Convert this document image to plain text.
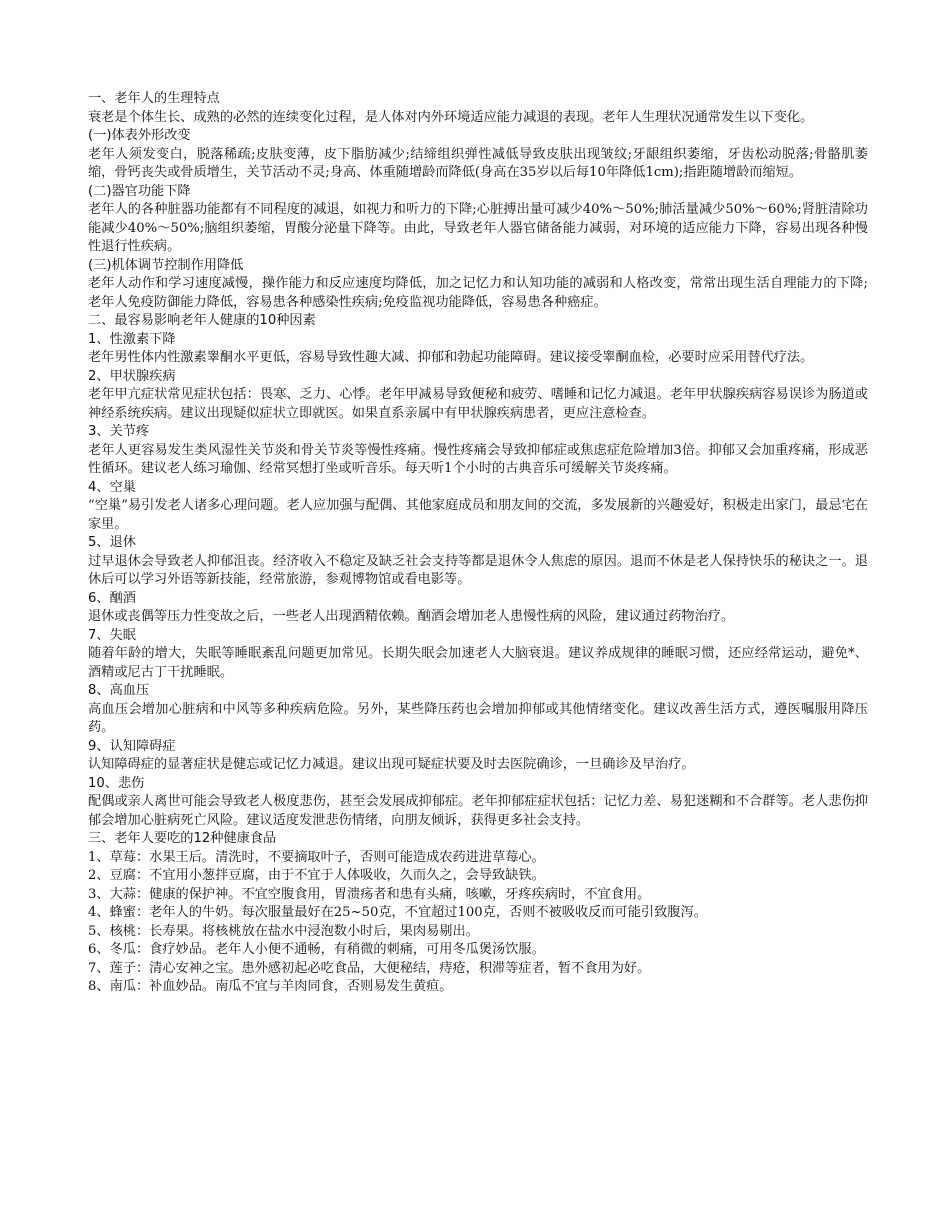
一、老年人的生理特点

衰老是个体生长、成熟的必然的连续变化过程，是人体对内外环境适应能力减退的表现。老年人生理状况通常发生以下变化。

(一)体表外形改变

老年人须发变白，脱落稀疏;皮肤变薄，皮下脂肪减少;结缔组织弹性减低导致皮肤出现皱纹;牙龈组织萎缩，牙齿松动脱落;骨骼肌萎缩，骨钙丧失或骨质增生，关节活动不灵;身高、体重随增龄而降低(身高在35岁以后每10年降低1cm);指距随增龄而缩短。

(二)器官功能下降

老年人的各种脏器功能都有不同程度的减退，如视力和听力的下降;心脏搏出量可减少40%～50%;肺活量减少50%～60%;肾脏清除功能减少40%～50%;脑组织萎缩，胃酸分泌量下降等。由此，导致老年人器官储备能力减弱，对环境的适应能力下降，容易出现各种慢性退行性疾病。

(三)机体调节控制作用降低

老年人动作和学习速度减慢，操作能力和反应速度均降低，加之记忆力和认知功能的减弱和人格改变，常常出现生活自理能力的下降;老年人免疫防御能力降低，容易患各种感染性疾病;免疫监视功能降低，容易患各种癌症。

二、最容易影响老年人健康的10种因素

1、性激素下降

老年男性体内性激素睾酮水平更低，容易导致性趣大减、抑郁和勃起功能障碍。建议接受睾酮血检，必要时应采用替代疗法。

2、甲状腺疾病

老年甲亢症状常见症状包括：畏寒、乏力、心悸。老年甲减易导致便秘和疲劳、嗜睡和记忆力减退。老年甲状腺疾病容易误诊为肠道或神经系统疾病。建议出现疑似症状立即就医。如果直系亲属中有甲状腺疾病患者，更应注意检查。

3、关节疼

老年人更容易发生类风湿性关节炎和骨关节炎等慢性疼痛。慢性疼痛会导致抑郁症或焦虑症危险增加3倍。抑郁又会加重疼痛，形成恶性循环。建议老人练习瑜伽、经常冥想打坐或听音乐。每天听1个小时的古典音乐可缓解关节炎疼痛。

4、空巢

“空巢”易引发老人诸多心理问题。老人应加强与配偶、其他家庭成员和朋友间的交流，多发展新的兴趣爱好，积极走出家门，最忌宅在家里。

5、退休

过早退休会导致老人抑郁沮丧。经济收入不稳定及缺乏社会支持等都是退休令人焦虑的原因。退而不休是老人保持快乐的秘诀之一。退休后可以学习外语等新技能，经常旅游，参观博物馆或看电影等。

6、酗酒

退休或丧偶等压力性变故之后，一些老人出现酒精依赖。酗酒会增加老人患慢性病的风险，建议通过药物治疗。

7、失眠

随着年龄的增大，失眠等睡眠紊乱问题更加常见。长期失眠会加速老人大脑衰退。建议养成规律的睡眠习惯，还应经常运动，避免*、酒精或尼古丁干扰睡眠。

8、高血压

高血压会增加心脏病和中风等多种疾病危险。另外，某些降压药也会增加抑郁或其他情绪变化。建议改善生活方式，遵医嘱服用降压药。

9、认知障碍症

认知障碍症的显著症状是健忘或记忆力减退。建议出现可疑症状要及时去医院确诊，一旦确诊及早治疗。

10、悲伤

配偶或亲人离世可能会导致老人极度悲伤，甚至会发展成抑郁症。老年抑郁症症状包括：记忆力差、易犯迷糊和不合群等。老人悲伤抑郁会增加心脏病死亡风险。建议适度发泄悲伤情绪，向朋友倾诉，获得更多社会支持。

三、老年人要吃的12种健康食品

1、草莓：水果王后。清洗时，不要摘取叶子，否则可能造成农药进进草莓心。

2、豆腐：不宜用小葱拌豆腐，由于不宜于人体吸收，久而久之，会导致缺铁。

3、大蒜：健康的保护神。不宜空腹食用，胃溃疡者和患有头痛，咳嗽，牙疼疾病时，不宜食用。

4、蜂蜜：老年人的牛奶。每次服量最好在25~50克，不宜超过100克，否则不被吸收反而可能引致腹泻。

5、核桃：长寿果。将核桃放在盐水中浸泡数小时后，果肉易剔出。

6、冬瓜：食疗妙品。老年人小便不通畅，有稍微的刺痛，可用冬瓜煲汤饮服。

7、莲子：清心安神之宝。患外感初起必吃食品，大便秘结，痔疮，积滞等症者，暂不食用为好。

8、南瓜：补血妙品。南瓜不宜与羊肉同食，否则易发生黄疸。
